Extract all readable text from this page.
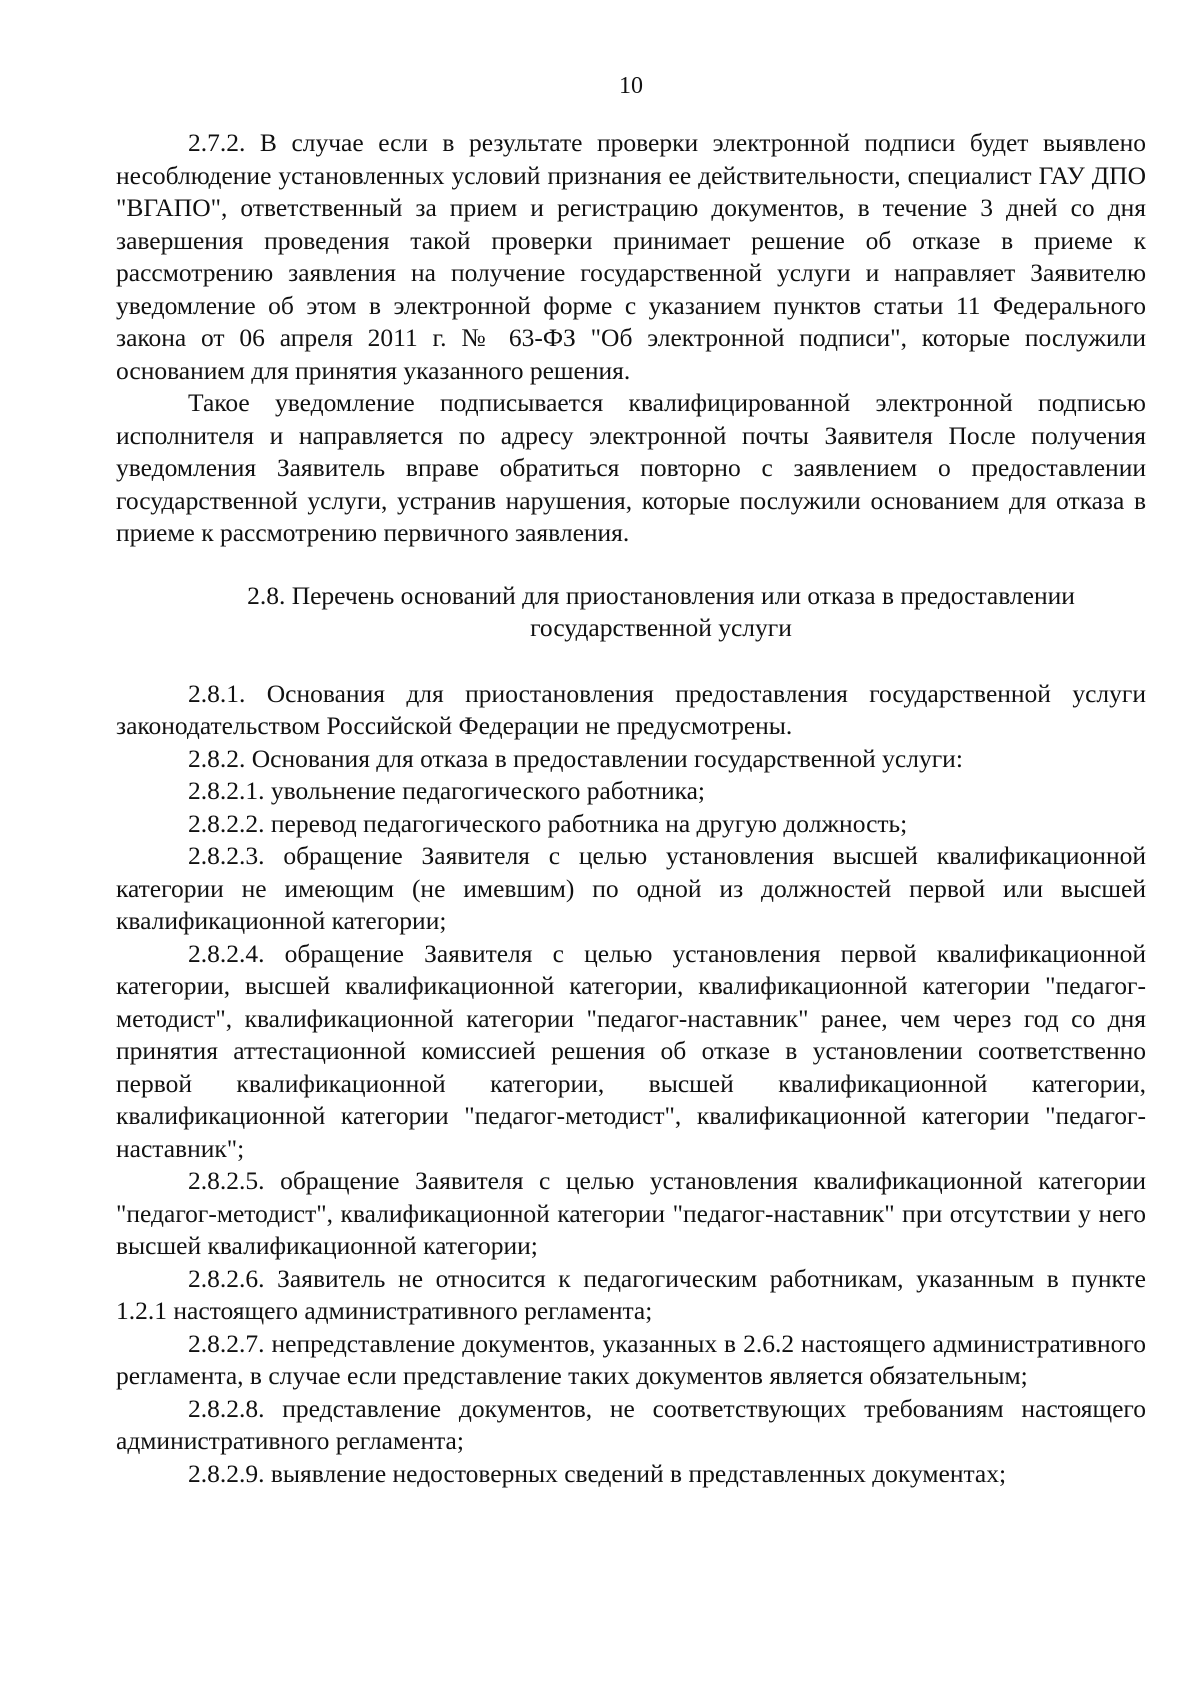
10

2.7.2. В случае если в результате проверки электронной подписи будет выявлено несоблюдение установленных условий признания ее действительности, специалист ГАУ ДПО "ВГАПО", ответственный за прием и регистрацию документов, в течение 3 дней со дня завершения проведения такой проверки принимает решение об отказе в приеме к рассмотрению заявления на получение государственной услуги и направляет Заявителю уведомление об этом в электронной форме с указанием пунктов статьи 11 Федерального закона от 06 апреля 2011 г. № 63-ФЗ "Об электронной подписи", которые послужили основанием для принятия указанного решения.

Такое уведомление подписывается квалифицированной электронной подписью исполнителя и направляется по адресу электронной почты Заявителя После получения уведомления Заявитель вправе обратиться повторно с заявлением о предоставлении государственной услуги, устранив нарушения, которые послужили основанием для отказа в приеме к рассмотрению первичного заявления.

2.8. Перечень оснований для приостановления или отказа в предоставлении
государственной услуги

2.8.1. Основания для приостановления предоставления государственной услуги законодательством Российской Федерации не предусмотрены.

2.8.2. Основания для отказа в предоставлении государственной услуги:

2.8.2.1. увольнение педагогического работника;

2.8.2.2. перевод педагогического работника на другую должность;

2.8.2.3. обращение Заявителя с целью установления высшей квалификационной категории не имеющим (не имевшим) по одной из должностей первой или высшей квалификационной категории;

2.8.2.4. обращение Заявителя с целью установления первой квалификационной категории, высшей квалификационной категории, квалификационной категории "педагог-методист", квалификационной категории "педагог-наставник" ранее, чем через год со дня принятия аттестационной комиссией решения об отказе в установлении соответственно первой квалификационной категории, высшей квалификационной категории, квалификационной категории "педагог-методист", квалификационной категории "педагог-наставник";

2.8.2.5. обращение Заявителя с целью установления квалификационной категории "педагог-методист", квалификационной категории "педагог-наставник" при отсутствии у него высшей квалификационной категории;

2.8.2.6. Заявитель не относится к педагогическим работникам, указанным в пункте 1.2.1 настоящего административного регламента;

2.8.2.7. непредставление документов, указанных в 2.6.2 настоящего административного регламента, в случае если представление таких документов является обязательным;

2.8.2.8. представление документов, не соответствующих требованиям настоящего административного регламента;

2.8.2.9. выявление недостоверных сведений в представленных документах;
